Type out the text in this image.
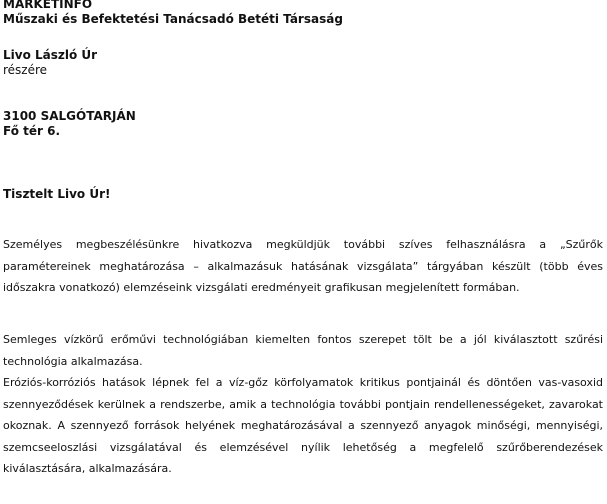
MARKETINFO
Műszaki és Befektetési Tanácsadó Betéti Társaság
Livo László Úr
részére
3100 SALGÓTARJÁN
Fő tér 6.
Tisztelt Livo Úr!
Személyes megbeszélésünkre hivatkozva megküldjük további szíves felhasználásra a „Szűrők paramétereinek meghatározása – alkalmazásuk hatásának vizsgálata” tárgyában készült (több éves időszakra vonatkozó) elemzéseink vizsgálati eredményeit grafikusan megjelenített formában.
Semleges vízkörű erőművi technológiában kiemelten fontos szerepet tölt be a jól kiválasztott szűrési technológia alkalmazása.
Eróziós-korróziós hatások lépnek fel a víz-gőz körfolyamatok kritikus pontjainál és döntően vas-vasoxid szennyeződések kerülnek a rendszerbe, amik a technológia további pontjain rendellenességeket, zavarokat okoznak. A szennyező források helyének meghatározásával a szennyező anyagok minőségi, mennyiségi, szemcseeloszlási vizsgálatával és elemzésével nyílik lehetőség a megfelelő szűrőberendezések kiválasztására, alkalmazására.
